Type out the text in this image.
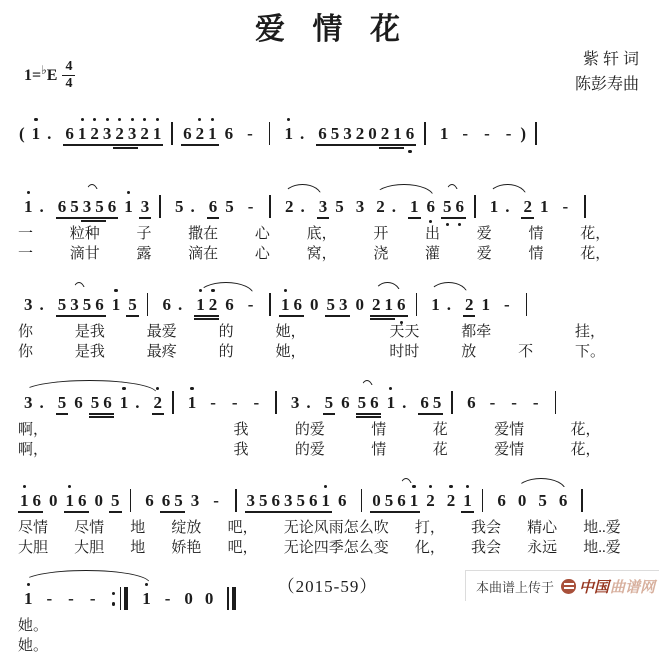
爱 情 花
1= ♭ E $\frac{4}{4}$
紫 轩 词
陈彭寿曲
( 1 . 6 1 2 3 2 3 2 1 6 2 1 6 - 1 . 6 5 3 2 0 2 1 6 1 - - - )
1 . 6 5 3 5 6 1 3 5 . 6 5 - 2 . 3 5 3 2 . 1 6 5 6 1 . 2 1 -
一 粒种 子 撒在 心 底， 开 出 爱 情 花，
一 滴甘 露 滴在 心 窝， 浇 灌 爱 情 花，
3 . 5 3 5 6 1 5 6 . 1 2 6 - 1 6 0 5 3 0 2 1 6 1 . 2 1 -
你	是我	最爱	的	她，	天天	都牵	挂，
你	是我	最疼	的	她，	时时	放	不	下。
3 . 5 6 5 6 1 . 2 1 - - - 3 . 5 6 5 6 1 . 6 5 6 - - -
啊，	我	的爱	情	花	爱情	花，
啊，	我	的爱	情	花	爱情	花，
1 6 0 1 6 0 5 6 6 5 3 - 3 5 6 3 5 6 1 6 0 5 6 1 2 2 1 6 0 5 6
尽情 尽情 地 绽放 吧， 无论风雨怎么吹 打， 我会 精心 地..爱
大胆 大胆 地 娇艳 吧， 无论四季怎么变 化， 我会 永远 地..爱
1 - - -	1 - 0 0
她。
她。
（2015-59）	本曲谱上传于 中国 曲谱网
